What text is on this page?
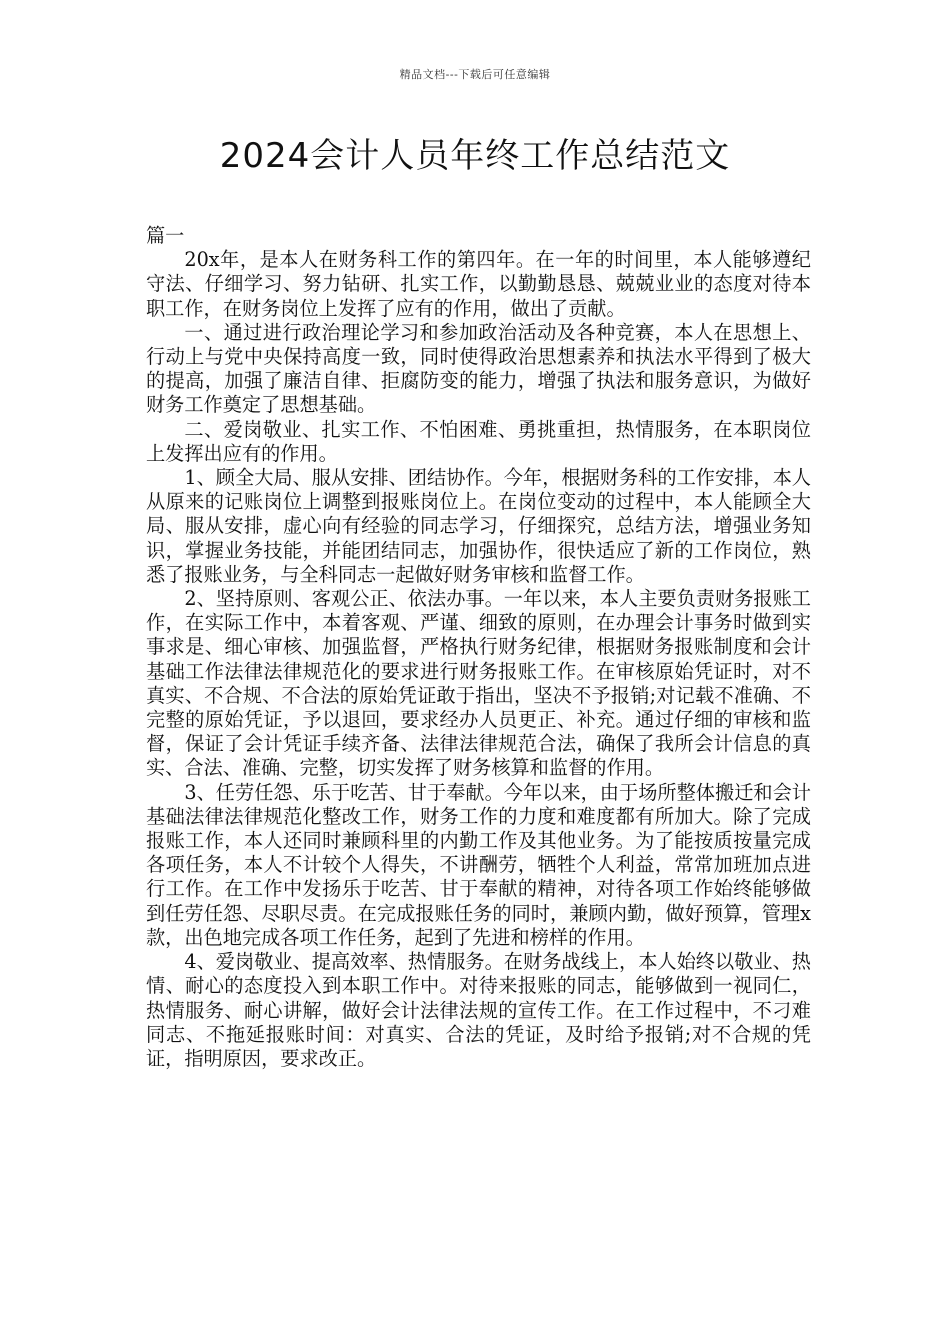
精品文档---下载后可任意编辑
2024会计人员年终工作总结范文

篇一

20x年，是本人在财务科工作的第四年。在一年的时间里，本人能够遵纪守法、仔细学习、努力钻研、扎实工作，以勤勤恳恳、兢兢业业的态度对待本职工作，在财务岗位上发挥了应有的作用，做出了贡献。

一、通过进行政治理论学习和参加政治活动及各种竞赛，本人在思想上、行动上与党中央保持高度一致，同时使得政治思想素养和执法水平得到了极大的提高，加强了廉洁自律、拒腐防变的能力，增强了执法和服务意识，为做好财务工作奠定了思想基础。

二、爱岗敬业、扎实工作、不怕困难、勇挑重担，热情服务，在本职岗位上发挥出应有的作用。

1、顾全大局、服从安排、团结协作。今年，根据财务科的工作安排，本人从原来的记账岗位上调整到报账岗位上。在岗位变动的过程中，本人能顾全大局、服从安排，虚心向有经验的同志学习，仔细探究，总结方法，增强业务知识，掌握业务技能，并能团结同志，加强协作，很快适应了新的工作岗位，熟悉了报账业务，与全科同志一起做好财务审核和监督工作。

2、坚持原则、客观公正、依法办事。一年以来，本人主要负责财务报账工作，在实际工作中，本着客观、严谨、细致的原则，在办理会计事务时做到实事求是、细心审核、加强监督，严格执行财务纪律，根据财务报账制度和会计基础工作法律法律规范化的要求进行财务报账工作。在审核原始凭证时，对不真实、不合规、不合法的原始凭证敢于指出，坚决不予报销;对记载不准确、不完整的原始凭证，予以退回，要求经办人员更正、补充。通过仔细的审核和监督，保证了会计凭证手续齐备、法律法律规范合法，确保了我所会计信息的真实、合法、准确、完整，切实发挥了财务核算和监督的作用。

3、任劳任怨、乐于吃苦、甘于奉献。今年以来，由于场所整体搬迁和会计基础法律法律规范化整改工作，财务工作的力度和难度都有所加大。除了完成报账工作，本人还同时兼顾科里的内勤工作及其他业务。为了能按质按量完成各项任务，本人不计较个人得失，不讲酬劳，牺牲个人利益，常常加班加点进行工作。在工作中发扬乐于吃苦、甘于奉献的精神，对待各项工作始终能够做到任劳任怨、尽职尽责。在完成报账任务的同时，兼顾内勤，做好预算，管理x款，出色地完成各项工作任务，起到了先进和榜样的作用。

4、爱岗敬业、提高效率、热情服务。在财务战线上，本人始终以敬业、热情、耐心的态度投入到本职工作中。对待来报账的同志，能够做到一视同仁，热情服务、耐心讲解，做好会计法律法规的宣传工作。在工作过程中，不刁难同志、不拖延报账时间：对真实、合法的凭证，及时给予报销;对不合规的凭证，指明原因，要求改正。
